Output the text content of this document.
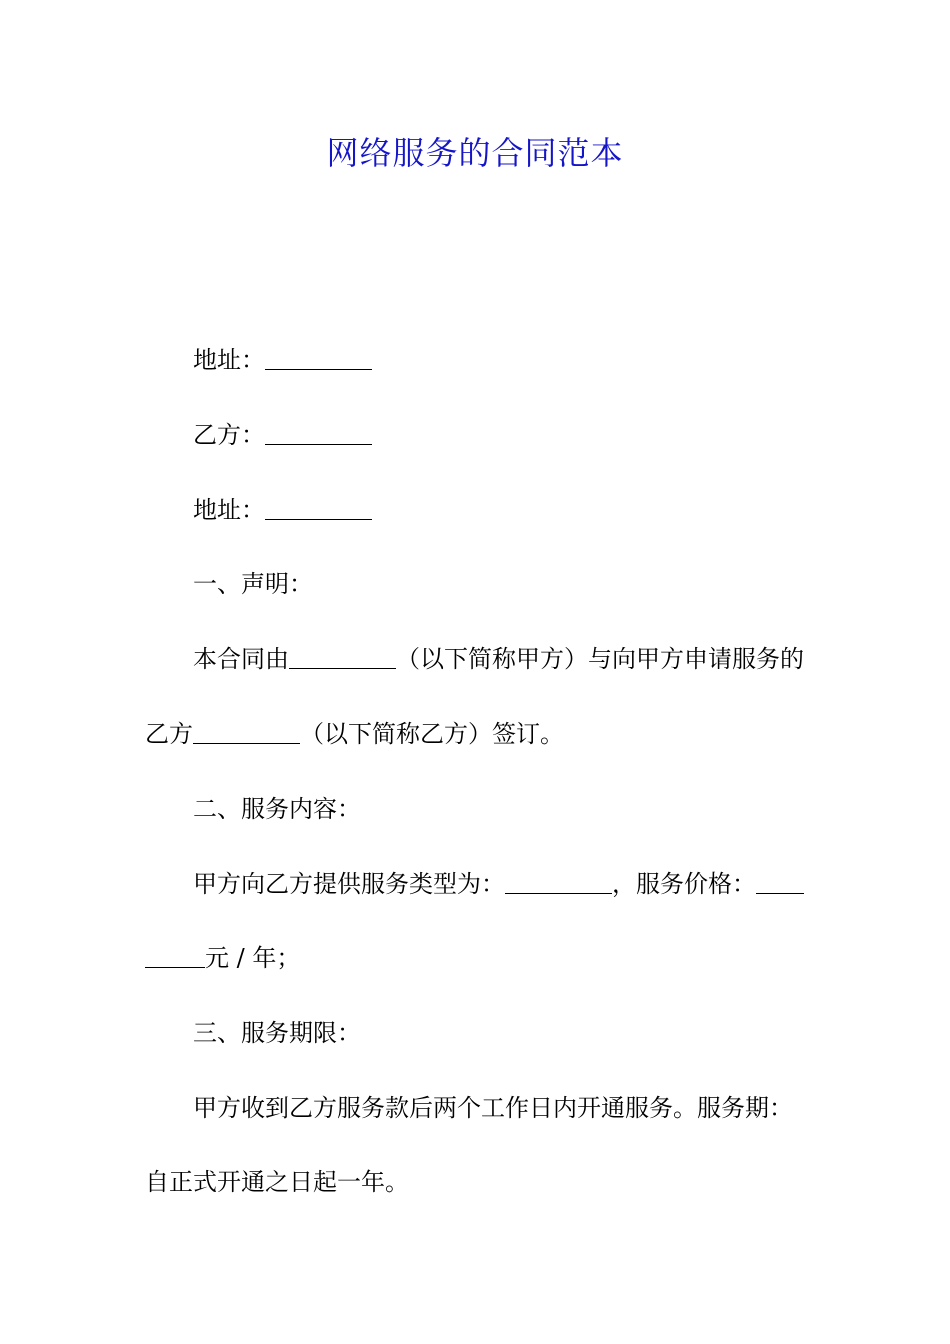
网络服务的合同范本

地址：

乙方：

地址：

一、声明：

本合同由	（以下简称甲方）与向甲方申请服务的

乙方	（以下简称乙方）签订。

二、服务内容：

甲方向乙方提供服务类型为：	，服务价格：

元 / 年；

三、服务期限：

甲方收到乙方服务款后两个工作日内开通服务。服务期：

自正式开通之日起一年。
